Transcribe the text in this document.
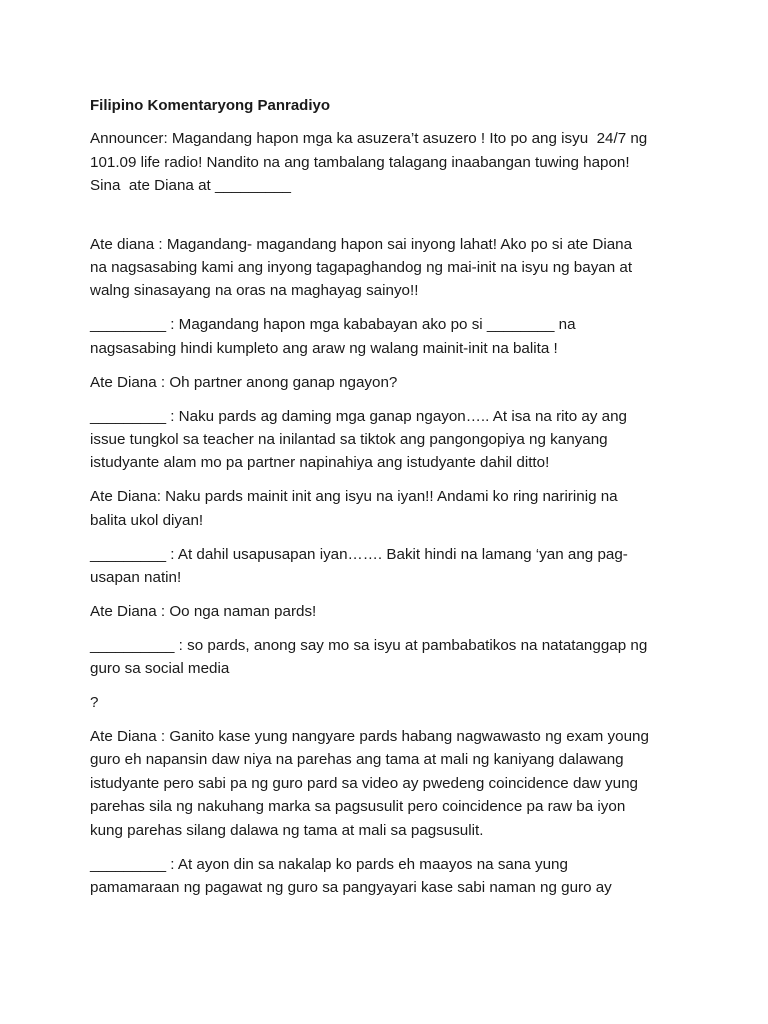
Filipino Komentaryong Panradiyo
Announcer: Magandang hapon mga ka asuzera’t asuzero ! Ito po ang isyu  24/7 ng
101.09 life radio! Nandito na ang tambalang talagang inaabangan tuwing hapon!
Sina  ate Diana at _________
Ate diana : Magandang- magandang hapon sai inyong lahat! Ako po si ate Diana
na nagsasabing kami ang inyong tagapaghandog ng mai-init na isyu ng bayan at
walng sinasayang na oras na maghayag sainyo!!
_________ : Magandang hapon mga kababayan ako po si ________ na
nagsasabing hindi kumpleto ang araw ng walang mainit-init na balita !
Ate Diana : Oh partner anong ganap ngayon?
_________ : Naku pards ag daming mga ganap ngayon….. At isa na rito ay ang
issue tungkol sa teacher na inilantad sa tiktok ang pangongopiya ng kanyang
istudyante alam mo pa partner napinahiya ang istudyante dahil ditto!
Ate Diana: Naku pards mainit init ang isyu na iyan!! Andami ko ring naririnig na
balita ukol diyan!
_________ : At dahil usapusapan iyan……. Bakit hindi na lamang ‘yan ang pag-
usapan natin!
Ate Diana : Oo nga naman pards!
__________ : so pards, anong say mo sa isyu at pambabatikos na natatanggap ng
guro sa social media
?
Ate Diana : Ganito kase yung nangyare pards habang nagwawasto ng exam young
guro eh napansin daw niya na parehas ang tama at mali ng kaniyang dalawang
istudyante pero sabi pa ng guro pard sa video ay pwedeng coincidence daw yung
parehas sila ng nakuhang marka sa pagsusulit pero coincidence pa raw ba iyon
kung parehas silang dalawa ng tama at mali sa pagsusulit.
_________ : At ayon din sa nakalap ko pards eh maayos na sana yung
pamamaraan ng pagawat ng guro sa pangyayari kase sabi naman ng guro ay
